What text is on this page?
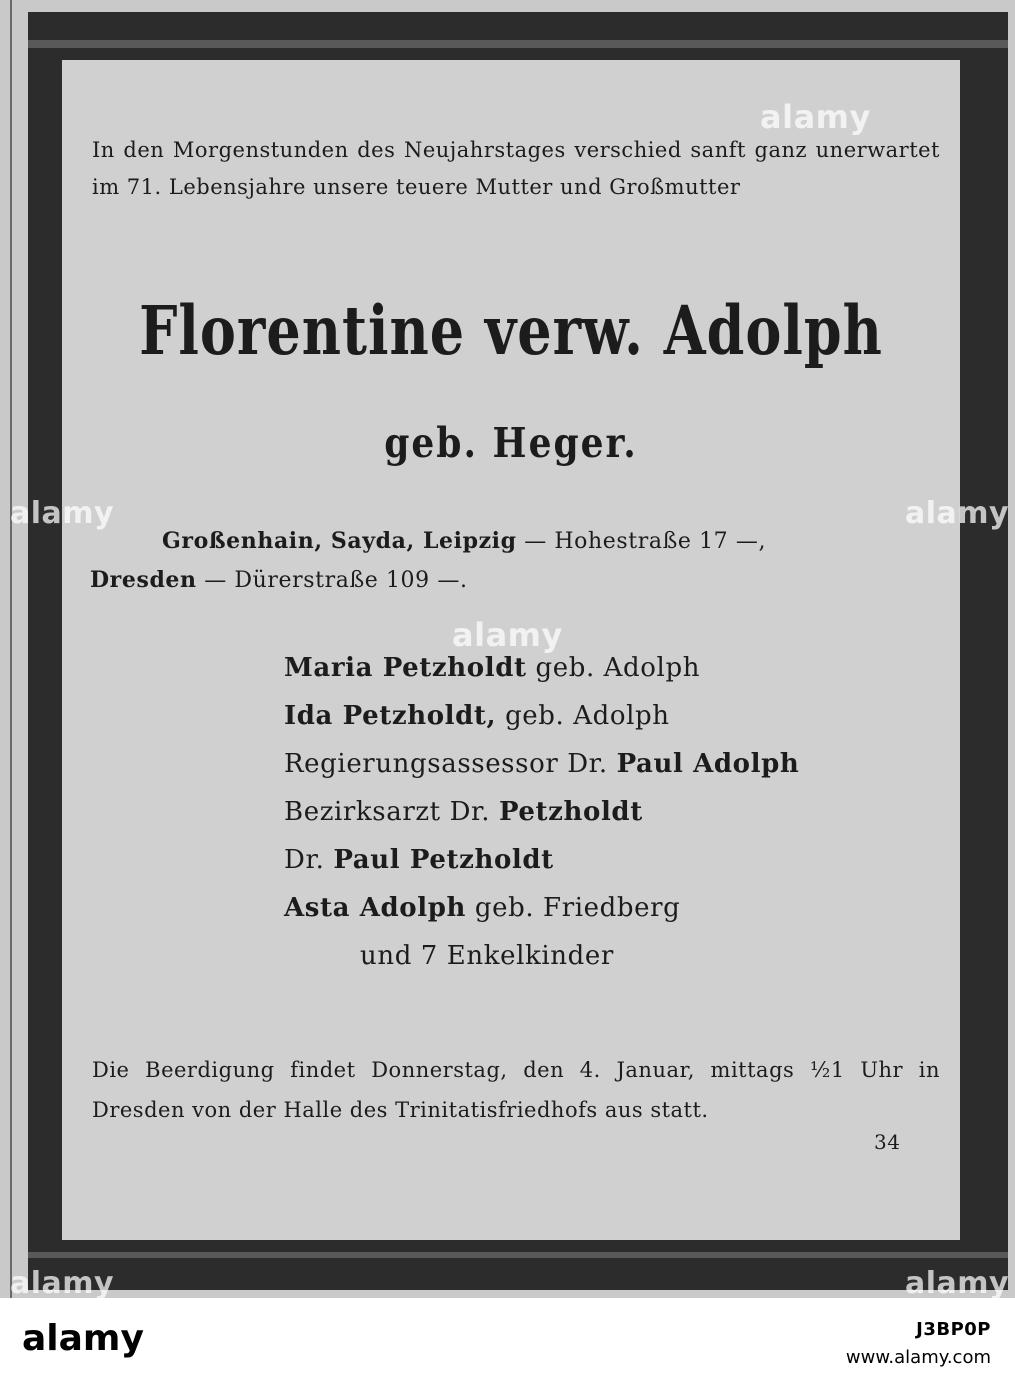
In den Morgenstunden des Neujahrstages verschied sanft ganz unerwartet im 71. Lebensjahre unsere teuere Mutter und Großmutter

Florentine verw. Adolph
geb. Heger.

Großenhain, Sayda, Leipzig — Hohestraße 17 —,
Dresden — Dürerstraße 109 —.

Maria Petzholdt geb. Adolph
Ida Petzholdt, geb. Adolph
Regierungsassessor Dr. Paul Adolph
Bezirksarzt Dr. Petzholdt
Dr. Paul Petzholdt
Asta Adolph geb. Friedberg
und 7 Enkelkinder

Die Beerdigung findet Donnerstag, den 4. Januar, mittags ½1 Uhr in Dresden von der Halle des Trinitatisfriedhofs aus statt.

34
alamy
alamy	alamy
alamy
alamy	alamy
alamy	J3BP0P
www.alamy.com
